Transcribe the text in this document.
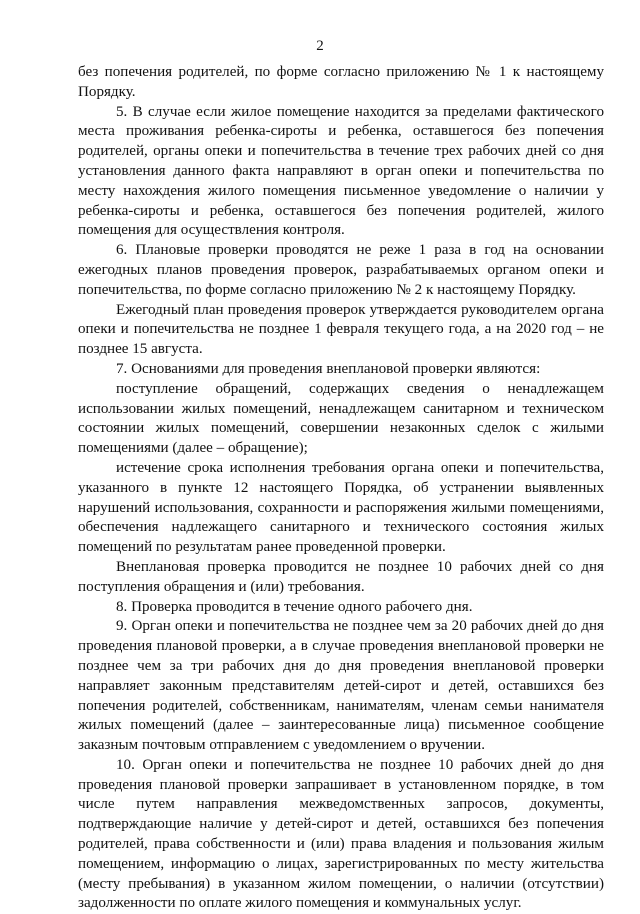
2

без попечения родителей, по форме согласно приложению № 1 к настоящему Порядку.

5. В случае если жилое помещение находится за пределами фактического места проживания ребенка-сироты и ребенка, оставшегося без попечения родителей, органы опеки и попечительства в течение трех рабочих дней со дня установления данного факта направляют в орган опеки и попечительства по месту нахождения жилого помещения письменное уведомление о наличии у ребенка-сироты и ребенка, оставшегося без попечения родителей, жилого помещения для осуществления контроля.

6. Плановые проверки проводятся не реже 1 раза в год на основании ежегодных планов проведения проверок, разрабатываемых органом опеки и попечительства, по форме согласно приложению № 2 к настоящему Порядку.

Ежегодный план проведения проверок утверждается руководителем органа опеки и попечительства не позднее 1 февраля текущего года, а на 2020 год – не позднее 15 августа.

7. Основаниями для проведения внеплановой проверки являются:

поступление обращений, содержащих сведения о ненадлежащем использовании жилых помещений, ненадлежащем санитарном и техническом состоянии жилых помещений, совершении незаконных сделок с жилыми помещениями (далее – обращение);

истечение срока исполнения требования органа опеки и попечительства, указанного в пункте 12 настоящего Порядка, об устранении выявленных нарушений использования, сохранности и распоряжения жилыми помещениями, обеспечения надлежащего санитарного и технического состояния жилых помещений по результатам ранее проведенной проверки.

Внеплановая проверка проводится не позднее 10 рабочих дней со дня поступления обращения и (или) требования.

8. Проверка проводится в течение одного рабочего дня.

9. Орган опеки и попечительства не позднее чем за 20 рабочих дней до дня проведения плановой проверки, а в случае проведения внеплановой проверки не позднее чем за три рабочих дня до дня проведения внеплановой проверки направляет законным представителям детей-сирот и детей, оставшихся без попечения родителей, собственникам, нанимателям, членам семьи нанимателя жилых помещений (далее – заинтересованные лица) письменное сообщение заказным почтовым отправлением с уведомлением о вручении.

10. Орган опеки и попечительства не позднее 10 рабочих дней до дня проведения плановой проверки запрашивает в установленном порядке, в том числе путем направления межведомственных запросов, документы, подтверждающие наличие у детей-сирот и детей, оставшихся без попечения родителей, права собственности и (или) права владения и пользования жилым помещением, информацию о лицах, зарегистрированных по месту жительства (месту пребывания) в указанном жилом помещении, о наличии (отсутствии) задолженности по оплате жилого помещения и коммунальных услуг.
